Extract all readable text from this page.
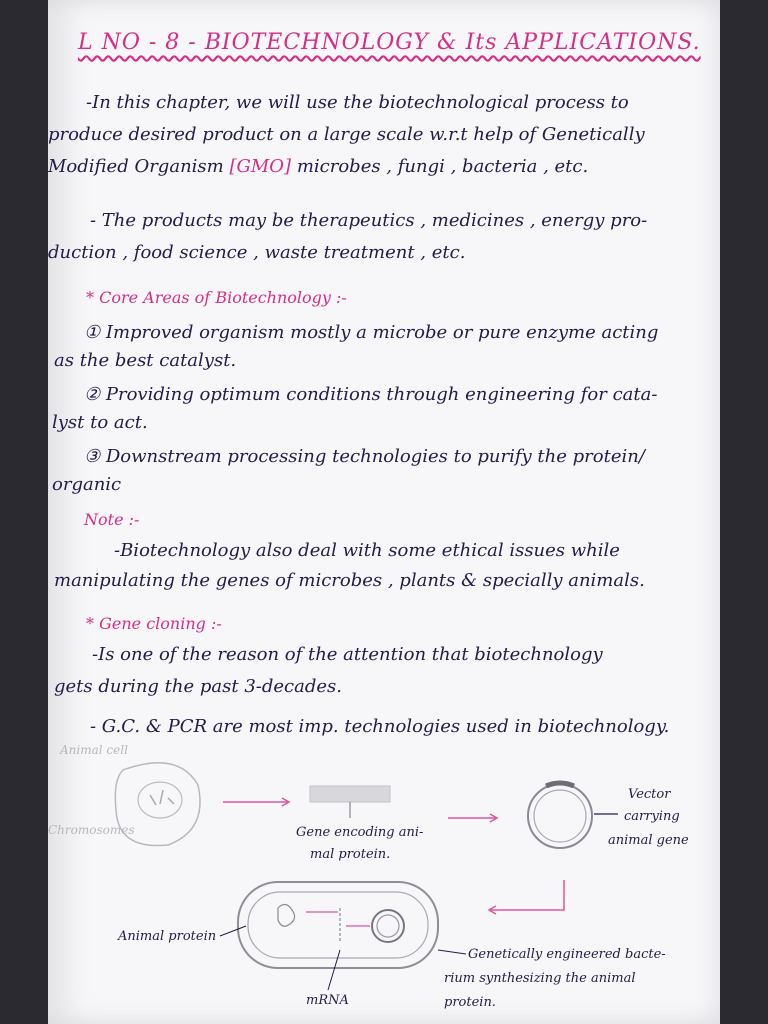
L NO - 8 - BIOTECHNOLOGY & Its APPLICATIONS.
-In this chapter, we will use the biotechnological process to
produce desired product on a large scale w.r.t help of Genetically
Modified Organism [GMO] microbes , fungi , bacteria , etc.
- The products may be therapeutics , medicines , energy pro-
duction , food science , waste treatment , etc.
* Core Areas of Biotechnology :-
① Improved organism mostly a microbe or pure enzyme acting
as the best catalyst.
② Providing optimum conditions through engineering for cata-
lyst to act.
③ Downstream processing technologies to purify the protein/
organic
Note :-
-Biotechnology also deal with some ethical issues while
manipulating the genes of microbes , plants & specially animals.
* Gene cloning :-
-Is one of the reason of the attention that biotechnology
gets during the past 3-decades.
- G.C. & PCR are most imp. technologies used in biotechnology.
Animal cell
Chromosomes	Gene encoding ani-
mal protein.
Vector
carrying
animal gene
Animal protein
mRNA
Genetically engineered bacte-
rium synthesizing the animal
protein.
